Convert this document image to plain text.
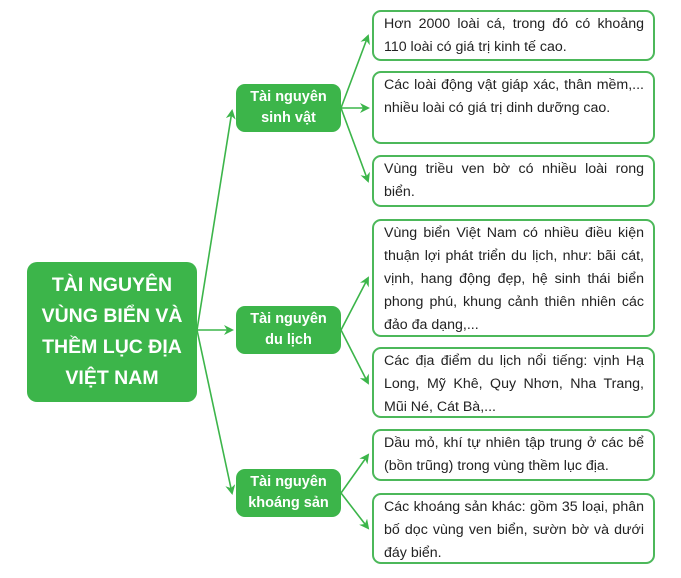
TÀI NGUYÊN VÙNG BIỂN VÀ THỀM LỤC ĐỊA VIỆT NAM
Tài nguyên sinh vật
Tài nguyên du lịch
Tài nguyên khoáng sản
Hơn 2000 loài cá, trong đó có khoảng 110 loài có giá trị kinh tế cao.
Các loài động vật giáp xác, thân mềm,... nhiều loài có giá trị dinh dưỡng cao.
Vùng triều ven bờ có nhiều loài rong biển.
Vùng biển Việt Nam có nhiều điều kiện thuận lợi phát triển du lịch, như: bãi cát, vịnh, hang động đẹp, hệ sinh thái biển phong phú, khung cảnh thiên nhiên các đảo đa dạng,...
Các địa điểm du lịch nổi tiếng: vịnh Hạ Long, Mỹ Khê, Quy Nhơn, Nha Trang, Mũi Né, Cát Bà,...
Dầu mỏ, khí tự nhiên tập trung ở các bể (bồn trũng) trong vùng thềm lục địa.
Các khoáng sản khác: gồm 35 loại, phân bố dọc vùng ven biển, sườn bờ và dưới đáy biển.
